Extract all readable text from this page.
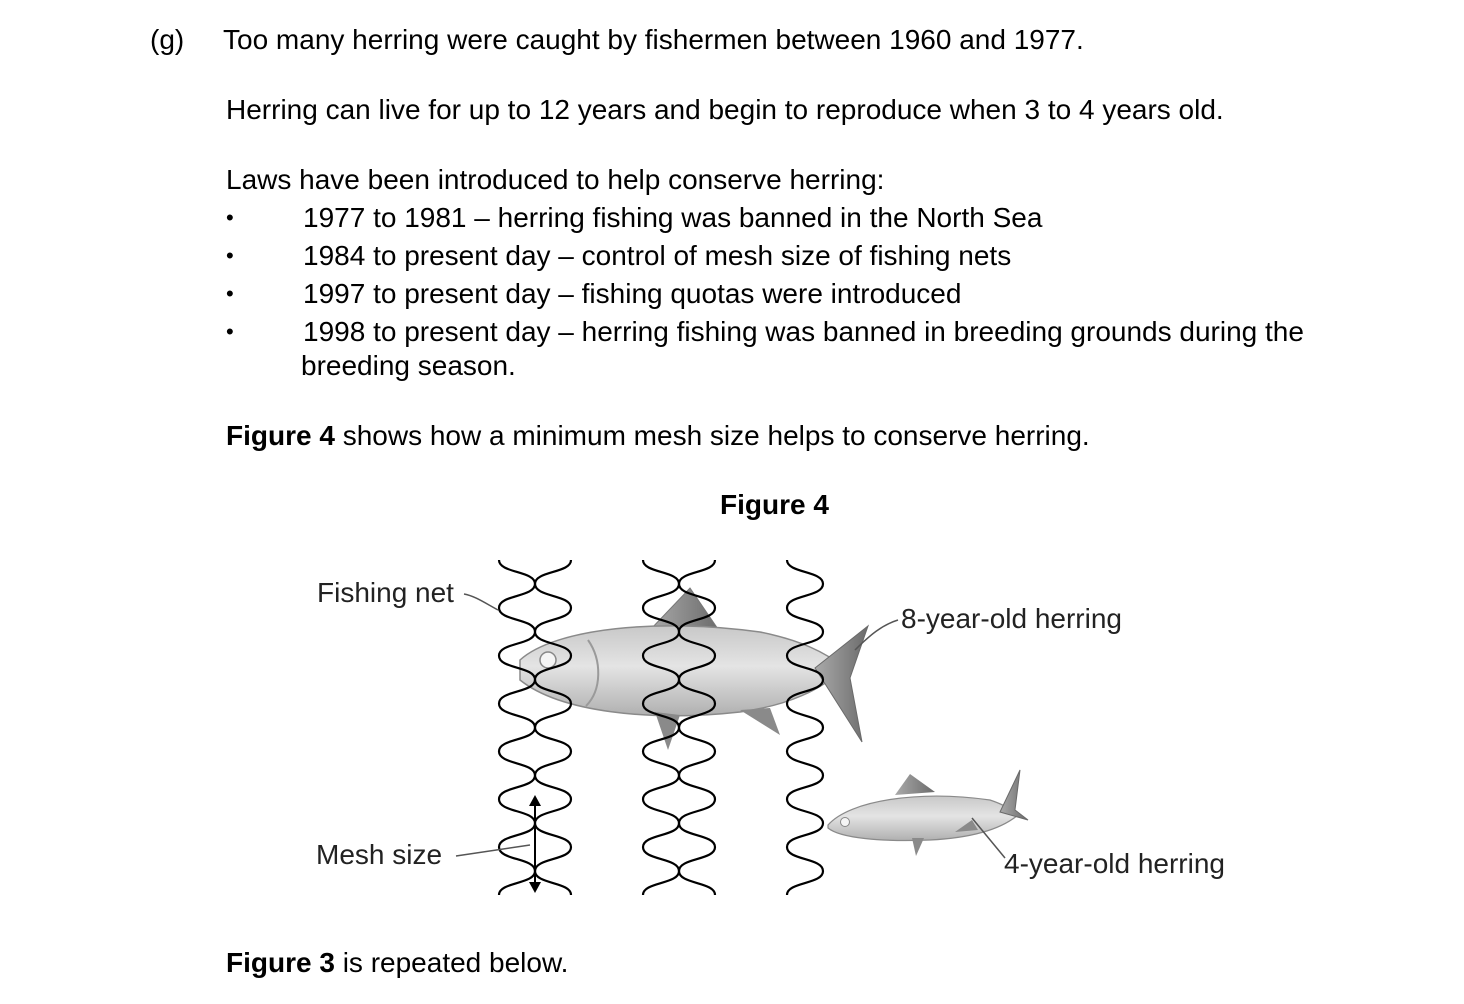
(g) Too many herring were caught by fishermen between 1960 and 1977.
Herring can live for up to 12 years and begin to reproduce when 3 to 4 years old.
Laws have been introduced to help conserve herring:
• 1977 to 1981 – herring fishing was banned in the North Sea
• 1984 to present day – control of mesh size of fishing nets
• 1997 to present day – fishing quotas were introduced
• 1998 to present day – herring fishing was banned in breeding grounds during the
breeding season.
Figure 4 shows how a minimum mesh size helps to conserve herring.
Figure 4
Fishing net
Mesh size
8-year-old herring
4-year-old herring
Figure 3 is repeated below.
